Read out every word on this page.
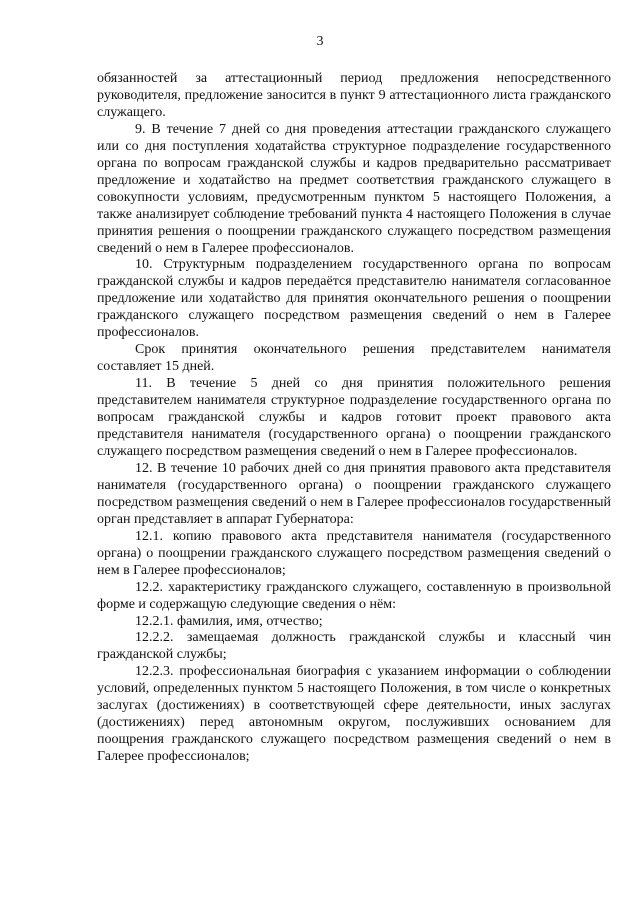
3

обязанностей за аттестационный период предложения непосредственного руководителя, предложение заносится в пункт 9 аттестационного листа гражданского служащего.

9. В течение 7 дней со дня проведения аттестации гражданского служащего или со дня поступления ходатайства структурное подразделение государственного органа по вопросам гражданской службы и кадров предварительно рассматривает предложение и ходатайство на предмет соответствия гражданского служащего в совокупности условиям, предусмотренным пунктом 5 настоящего Положения, а также анализирует соблюдение требований пункта 4 настоящего Положения в случае принятия решения о поощрении гражданского служащего посредством размещения сведений о нем в Галерее профессионалов.

10. Структурным подразделением государственного органа по вопросам гражданской службы и кадров передаётся представителю нанимателя согласованное предложение или ходатайство для принятия окончательного решения о поощрении гражданского служащего посредством размещения сведений о нем в Галерее профессионалов.

Срок принятия окончательного решения представителем нанимателя составляет 15 дней.

11. В течение 5 дней со дня принятия положительного решения представителем нанимателя структурное подразделение государственного органа по вопросам гражданской службы и кадров готовит проект правового акта представителя нанимателя (государственного органа) о поощрении гражданского служащего посредством размещения сведений о нем в Галерее профессионалов.

12. В течение 10 рабочих дней со дня принятия правового акта представителя нанимателя (государственного органа) о поощрении гражданского служащего посредством размещения сведений о нем в Галерее профессионалов государственный орган представляет в аппарат Губернатора:

12.1. копию правового акта представителя нанимателя (государственного органа) о поощрении гражданского служащего посредством размещения сведений о нем в Галерее профессионалов;

12.2. характеристику гражданского служащего, составленную в произвольной форме и содержащую следующие сведения о нём:

12.2.1. фамилия, имя, отчество;

12.2.2. замещаемая должность гражданской службы и классный чин гражданской службы;

12.2.3. профессиональная биография с указанием информации о соблюдении условий, определенных пунктом 5 настоящего Положения, в том числе о конкретных заслугах (достижениях) в соответствующей сфере деятельности, иных заслугах (достижениях) перед автономным округом, послуживших основанием для поощрения гражданского служащего посредством размещения сведений о нем в Галерее профессионалов;
